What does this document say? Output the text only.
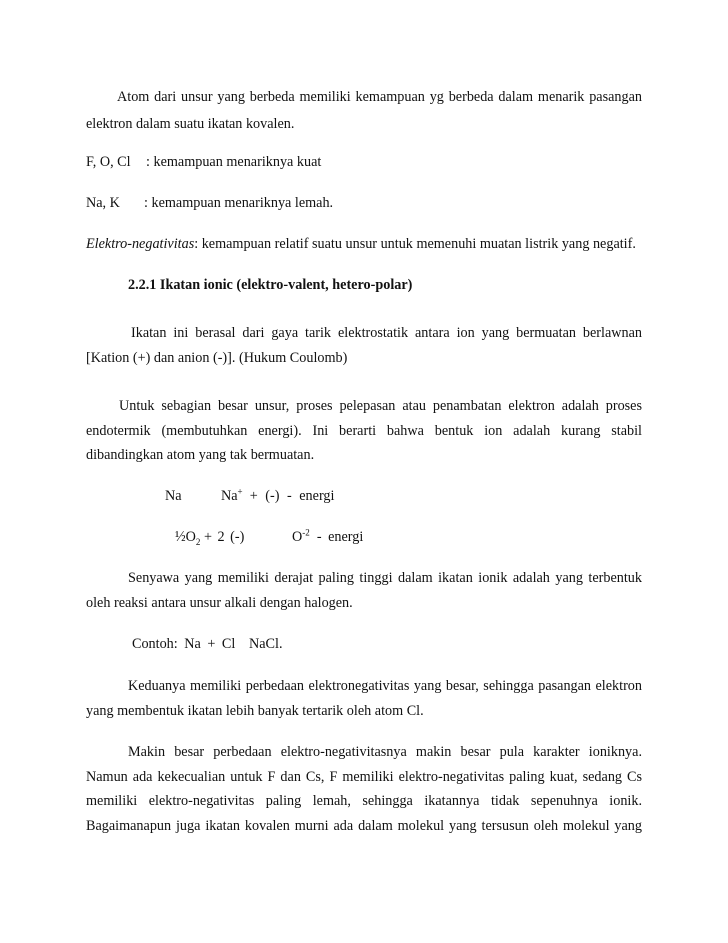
Atom dari unsur yang berbeda memiliki kemampuan yg berbeda dalam menarik pasangan
elektron dalam suatu ikatan kovalen.
F, O, Cl : kemampuan menariknya kuat
Na, K : kemampuan menariknya lemah.
Elektro-negativitas: kemampuan relatif suatu unsur untuk memenuhi muatan listrik yang negatif.
2.2.1 Ikatan ionic (elektro-valent, hetero-polar)
Ikatan ini berasal dari gaya tarik elektrostatik antara ion yang bermuatan berlawnan
[Kation (+) dan anion (-)]. (Hukum Coulomb)
Untuk sebagian besar unsur, proses pelepasan atau penambatan elektron adalah proses
endotermik (membutuhkan energi). Ini berarti bahwa bentuk ion adalah kurang stabil
dibandingkan atom yang tak bermuatan.
Na	Na+ + (-) - energi
$\frac{1}{2}O_2 + 2$ (-)	$O^{-2}$ - energi
Senyawa yang memiliki derajat paling tinggi dalam ikatan ionik adalah yang terbentuk
oleh reaksi antara unsur alkali dengan halogen.
Contoh: Na + Cl NaCl.
Keduanya memiliki perbedaan elektronegativitas yang besar, sehingga pasangan elektron
yang membentuk ikatan lebih banyak tertarik oleh atom Cl.
Makin besar perbedaan elektro-negativitasnya makin besar pula karakter ioniknya.
Namun ada kekecualian untuk F dan Cs, F memiliki elektro-negativitas paling kuat, sedang Cs
memiliki elektro-negativitas paling lemah, sehingga ikatannya tidak sepenuhnya ionik.
Bagaimanapun juga ikatan kovalen murni ada dalam molekul yang tersusun oleh molekul yang
